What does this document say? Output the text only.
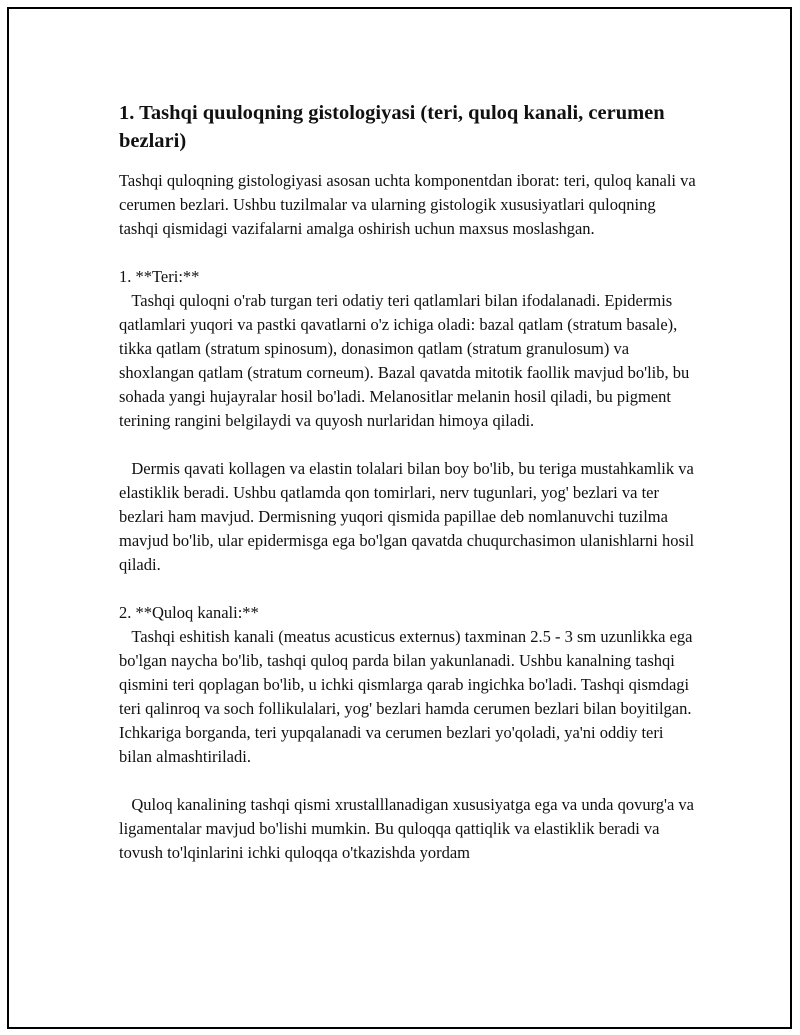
1. Tashqi quuloqning gistologiyasi (teri, quloq kanali, cerumen bezlari)

Tashqi quloqning gistologiyasi asosan uchta komponentdan iborat: teri, quloq kanali va cerumen bezlari. Ushbu tuzilmalar va ularning gistologik xususiyatlari quloqning tashqi qismidagi vazifalarni amalga oshirish uchun maxsus moslashgan.

1. **Teri:**

Tashqi quloqni o'rab turgan teri odatiy teri qatlamlari bilan ifodalanadi. Epidermis qatlamlari yuqori va pastki qavatlarni o'z ichiga oladi: bazal qatlam (stratum basale), tikka qatlam (stratum spinosum), donasimon qatlam (stratum granulosum) va shoxlangan qatlam (stratum corneum). Bazal qavatda mitotik faollik mavjud bo'lib, bu sohada yangi hujayralar hosil bo'ladi. Melanositlar melanin hosil qiladi, bu pigment terining rangini belgilaydi va quyosh nurlaridan himoya qiladi.

Dermis qavati kollagen va elastin tolalari bilan boy bo'lib, bu teriga mustahkamlik va elastiklik beradi. Ushbu qatlamda qon tomirlari, nerv tugunlari, yog' bezlari va ter bezlari ham mavjud. Dermisning yuqori qismida papillae deb nomlanuvchi tuzilma mavjud bo'lib, ular epidermisga ega bo'lgan qavatda chuqurchasimon ulanishlarni hosil qiladi.

2. **Quloq kanali:**

Tashqi eshitish kanali (meatus acusticus externus) taxminan 2.5 - 3 sm uzunlikka ega bo'lgan naycha bo'lib, tashqi quloq parda bilan yakunlanadi. Ushbu kanalning tashqi qismini teri qoplagan bo'lib, u ichki qismlarga qarab ingichka bo'ladi. Tashqi qismdagi teri qalinroq va soch follikulalari, yog' bezlari hamda cerumen bezlari bilan boyitilgan. Ichkariga borganda, teri yupqalanadi va cerumen bezlari yo'qoladi, ya'ni oddiy teri bilan almashtiriladi.

Quloq kanalining tashqi qismi xrustalllanadigan xususiyatga ega va unda qovurg'a va ligamentalar mavjud bo'lishi mumkin. Bu quloqqa qattiqlik va elastiklik beradi va tovush to'lqinlarini ichki quloqqa o'tkazishda yordam
